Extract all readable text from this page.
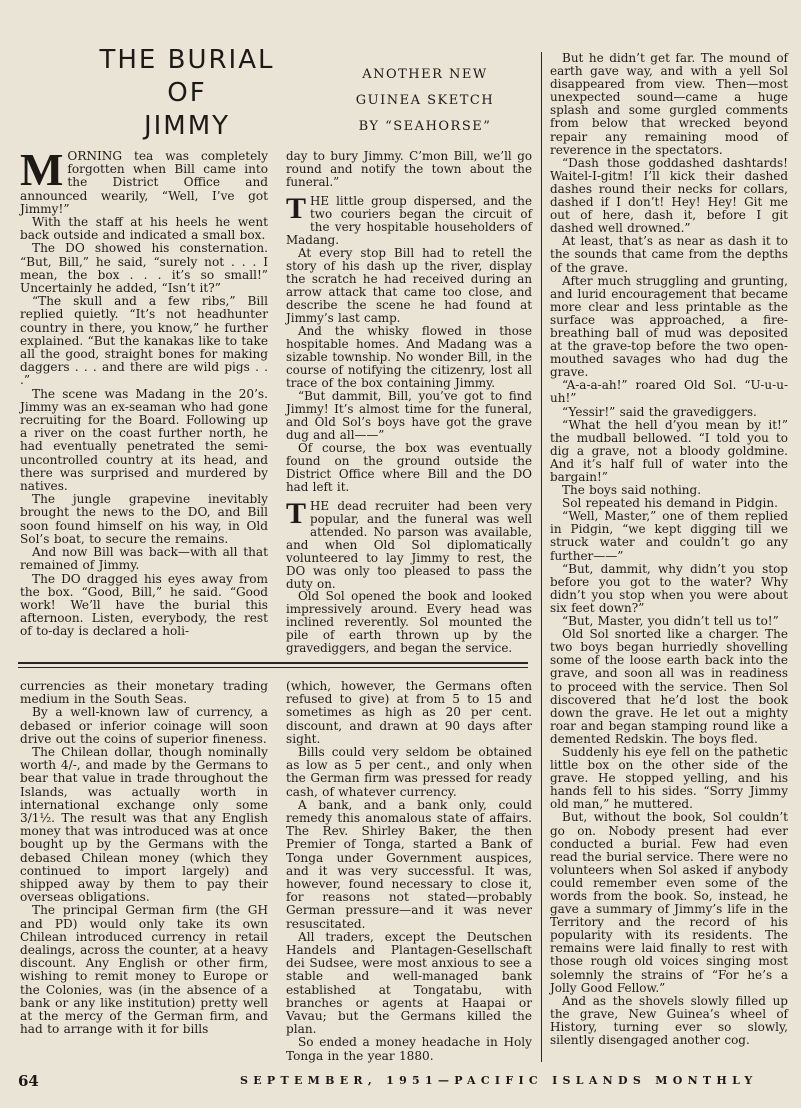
THE BURIAL
OF
JIMMY
ANOTHER NEW
GUINEA SKETCH
BY “SEAHORSE”

MORNING tea was completely forgotten when Bill came into the District Office and announced wearily, “Well, I’ve got Jimmy!”

With the staff at his heels he went back outside and indicated a small box.

The DO showed his consternation. “But, Bill,” he said, “surely not . . . I mean, the box . . . it’s so small!” Uncertainly he added, “Isn’t it?”

“The skull and a few ribs,” Bill replied quietly. “It’s not headhunter country in there, you know,” he further explained. “But the kanakas like to take all the good, straight bones for making daggers . . . and there are wild pigs . . .”

The scene was Madang in the 20’s. Jimmy was an ex-seaman who had gone recruiting for the Board. Following up a river on the coast further north, he had eventually penetrated the semi-uncontrolled country at its head, and there was surprised and murdered by natives.

The jungle grapevine inevitably brought the news to the DO, and Bill soon found himself on his way, in Old Sol’s boat, to secure the remains.

And now Bill was back—with all that remained of Jimmy.

The DO dragged his eyes away from the box. “Good, Bill,” he said. “Good work! We’ll have the burial this afternoon. Listen, everybody, the rest of to-day is declared a holi-

day to bury Jimmy. C’mon Bill, we’ll go round and notify the town about the funeral.”

THE little group dispersed, and the two couriers began the circuit of the very hospitable householders of Madang.

At every stop Bill had to retell the story of his dash up the river, display the scratch he had received during an arrow attack that came too close, and describe the scene he had found at Jimmy’s last camp.

And the whisky flowed in those hospitable homes. And Madang was a sizable township. No wonder Bill, in the course of notifying the citizenry, lost all trace of the box containing Jimmy.

“But dammit, Bill, you’ve got to find Jimmy! It’s almost time for the funeral, and Old Sol’s boys have got the grave dug and all——”

Of course, the box was eventually found on the ground outside the District Office where Bill and the DO had left it.

THE dead recruiter had been very popular, and the funeral was well attended. No parson was available, and when Old Sol diplomatically volunteered to lay Jimmy to rest, the DO was only too pleased to pass the duty on.

Old Sol opened the book and looked impressively around. Every head was inclined reverently. Sol mounted the pile of earth thrown up by the gravediggers, and began the service.

But he didn’t get far. The mound of earth gave way, and with a yell Sol disappeared from view. Then—most unexpected sound—came a huge splash and some gurgled comments from below that wrecked beyond repair any remaining mood of reverence in the spectators.

“Dash those goddashed dashtards! Waitel-I-gitm! I’ll kick their dashed dashes round their necks for collars, dashed if I don’t! Hey! Hey! Git me out of here, dash it, before I git dashed well drowned.”

At least, that’s as near as dash it to the sounds that came from the depths of the grave.

After much struggling and grunting, and lurid encouragement that became more clear and less printable as the surface was approached, a fire-breathing ball of mud was deposited at the grave-top before the two open-mouthed savages who had dug the grave.

“A-a-a-ah!” roared Old Sol. “U-u-u-uh!”

“Yessir!” said the gravediggers.

“What the hell d’you mean by it!” the mudball bellowed. “I told you to dig a grave, not a bloody goldmine. And it’s half full of water into the bargain!”

The boys said nothing.

Sol repeated his demand in Pidgin.

“Well, Master,” one of them replied in Pidgin, “we kept digging till we struck water and couldn’t go any further——”

“But, dammit, why didn’t you stop before you got to the water? Why didn’t you stop when you were about six feet down?”

“But, Master, you didn’t tell us to!”

Old Sol snorted like a charger. The two boys began hurriedly shovelling some of the loose earth back into the grave, and soon all was in readiness to proceed with the service. Then Sol discovered that he’d lost the book down the grave. He let out a mighty roar and began stamping round like a demented Redskin. The boys fled.

Suddenly his eye fell on the pathetic little box on the other side of the grave. He stopped yelling, and his hands fell to his sides. “Sorry Jimmy old man,” he muttered.

But, without the book, Sol couldn’t go on. Nobody present had ever conducted a burial. Few had even read the burial service. There were no volunteers when Sol asked if anybody could remember even some of the words from the book. So, instead, he gave a summary of Jimmy’s life in the Territory and the record of his popularity with its residents. The remains were laid finally to rest with those rough old voices singing most solemnly the strains of “For he’s a Jolly Good Fellow.”

And as the shovels slowly filled up the grave, New Guinea’s wheel of History, turning ever so slowly, silently disengaged another cog.

currencies as their monetary trading medium in the South Seas.

By a well-known law of currency, a debased or inferior coinage will soon drive out the coins of superior fineness.

The Chilean dollar, though nominally worth 4/-, and made by the Germans to bear that value in trade throughout the Islands, was actually worth in international exchange only some 3/1½. The result was that any English money that was introduced was at once bought up by the Germans with the debased Chilean money (which they continued to import largely) and shipped away by them to pay their overseas obligations.

The principal German firm (the GH and PD) would only take its own Chilean introduced currency in retail dealings, across the counter, at a heavy discount. Any English or other firm, wishing to remit money to Europe or the Colonies, was (in the absence of a bank or any like institution) pretty well at the mercy of the German firm, and had to arrange with it for bills

(which, however, the Germans often refused to give) at from 5 to 15 and sometimes as high as 20 per cent. discount, and drawn at 90 days after sight.

Bills could very seldom be obtained as low as 5 per cent., and only when the German firm was pressed for ready cash, of whatever currency.

A bank, and a bank only, could remedy this anomalous state of affairs. The Rev. Shirley Baker, the then Premier of Tonga, started a Bank of Tonga under Government auspices, and it was very successful. It was, however, found necessary to close it, for reasons not stated—probably German pressure—and it was never resuscitated.

All traders, except the Deutschen Handels and Plantagen-Gesellschaft dei Sudsee, were most anxious to see a stable and well-managed bank established at Tongatabu, with branches or agents at Haapai or Vavau; but the Germans killed the plan.

So ended a money headache in Holy Tonga in the year 1880.

64	SEPTEMBER, 1951—PACIFIC ISLANDS MONTHLY
